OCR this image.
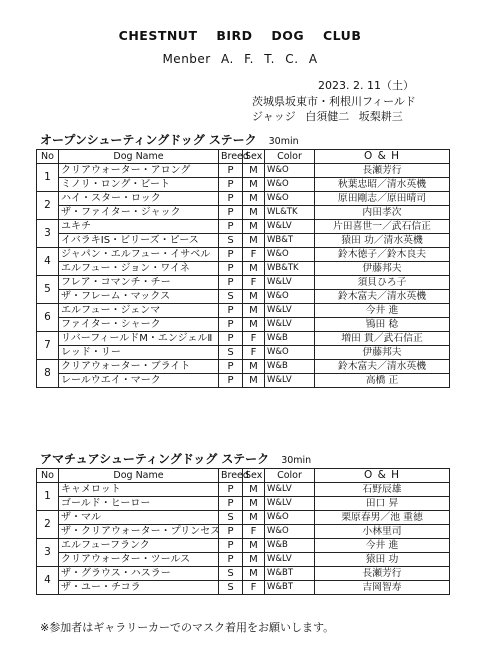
CHESTNUT BIRD DOG CLUB
Menber A. F. T. C. A
2023. 2. 11（土）
茨城県坂東市・利根川フィールド
ジャッジ 白須健二 坂梨耕三
オープンシューティングドッグ ステーク 30min
No	Dog Name	Breed	Sex	Color	O & H
1	クリアウォーター・アロング	P	M	W&O	長瀬芳行
	ミノリ・ロング・ビート	P	M	W&O	秋葉忠昭／清水英機
2	ハイ・スター・ロック	P	M	W&O	原田剛志／原田晴司
	ザ・ファイター・ジャック	P	M	WL&TK	内田孝次
3	ユキチ	P	M	W&LV	片田喜世一／武石信正
	イバラキIS・ビリーズ・ピース	S	M	WB&T	猿田 功／清水英機
4	ジャパン・エルフュー・イサベル	P	F	W&O	鈴木徳子／鈴木良夫
	エルフュー・ジョン・ワイネ	P	M	WB&TK	伊藤邦夫
5	フレア・コマンチ・チー	P	F	W&LV	須貝ひろ子
	ザ・フレーム・マックス	S	M	W&O	鈴木富夫／清水英機
6	エルフュー・ジェンマ	P	M	W&LV	今井 進
	ファイター・シャーク	P	M	W&LV	鴇田 稔
7	リバーフィールドM・エンジェルⅡ	P	F	W&B	増田 貫／武石信正
	レッド・リー	S	F	W&O	伊藤邦夫
8	クリアウォーター・ブライト	P	M	W&B	鈴木富夫／清水英機
	レールウエイ・マーク	P	M	W&LV	高橋 正
アマチュアシューティングドッグ ステーク 30min
No	Dog Name	Breed	Sex	Color	O & H
1	キャメロット	P	M	W&LV	石野辰雄
	ゴールド・ヒーロー	P	M	W&LV	田口 昇
2	ザ・マル	S	M	W&O	栗原春男／池 重徳
	ザ・クリアウォーター・プリンセス	P	F	W&O	小林里司
3	エルフューフランク	P	M	W&B	今井 進
	クリアウォーター・ツールス	P	M	W&LV	猿田 功
4	ザ・グラウス・ハスラー	S	M	W&BT	長瀬芳行
	ザ・ユー・チコラ	S	F	W&BT	吉岡智寿
※参加者はギャラリーカーでのマスク着用をお願いします。
